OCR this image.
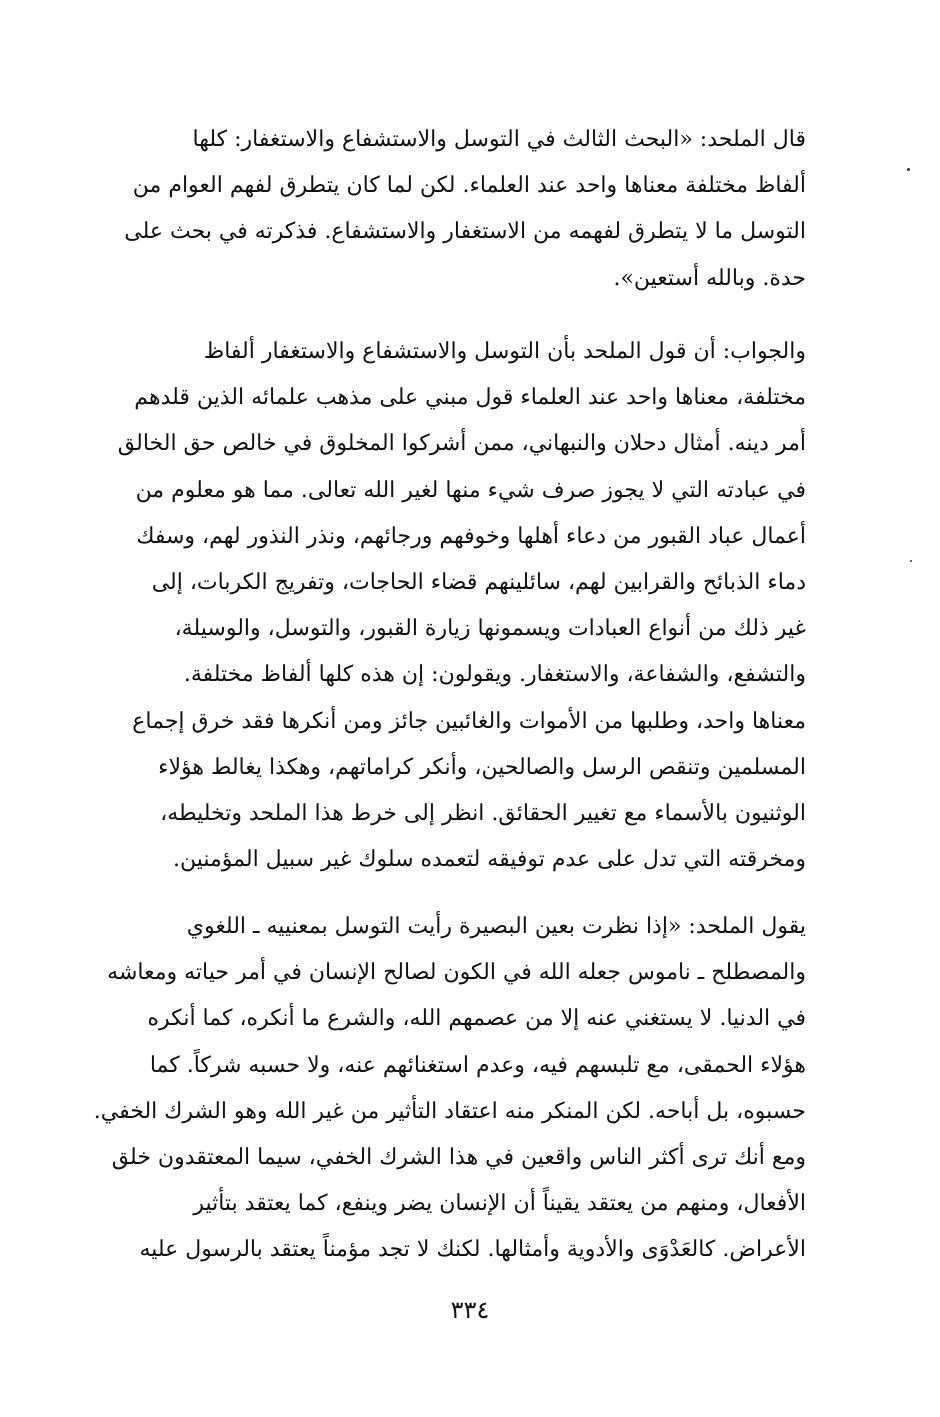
قال الملحد: «البحث الثالث في التوسل والاستشفاع والاستغفار: كلها
ألفاظ مختلفة معناها واحد عند العلماء. لكن لما كان يتطرق لفهم العوام من
التوسل ما لا يتطرق لفهمه من الاستغفار والاستشفاع. فذكرته في بحث على
حدة. وبالله أستعين».

والجواب: أن قول الملحد بأن التوسل والاستشفاع والاستغفار ألفاظ
مختلفة، معناها واحد عند العلماء قول مبني على مذهب علمائه الذين قلدهم
أمر دينه. أمثال دحلان والنبهاني، ممن أشركوا المخلوق في خالص حق الخالق
في عبادته التي لا يجوز صرف شيء منها لغير الله تعالى. مما هو معلوم من
أعمال عباد القبور من دعاء أهلها وخوفهم ورجائهم، ونذر النذور لهم، وسفك
دماء الذبائح والقرابين لهم، سائلينهم قضاء الحاجات، وتفريج الكربات، إلى
غير ذلك من أنواع العبادات ويسمونها زيارة القبور، والتوسل، والوسيلة،
والتشفع، والشفاعة، والاستغفار. ويقولون: إن هذه كلها ألفاظ مختلفة.
معناها واحد، وطلبها من الأموات والغائبين جائز ومن أنكرها فقد خرق إجماع
المسلمين وتنقص الرسل والصالحين، وأنكر كراماتهم، وهكذا يغالط هؤلاء
الوثنيون بالأسماء مع تغيير الحقائق. انظر إلى خرط هذا الملحد وتخليطه،
ومخرقته التي تدل على عدم توفيقه لتعمده سلوك غير سبيل المؤمنين.

يقول الملحد: «إذا نظرت بعين البصيرة رأيت التوسل بمعنييه ـ اللغوي
والمصطلح ـ ناموس جعله الله في الكون لصالح الإنسان في أمر حياته ومعاشه
في الدنيا. لا يستغني عنه إلا من عصمهم الله، والشرع ما أنكره، كما أنكره
هؤلاء الحمقى، مع تلبسهم فيه، وعدم استغنائهم عنه، ولا حسبه شركاً. كما
حسبوه، بل أباحه. لكن المنكر منه اعتقاد التأثير من غير الله وهو الشرك الخفي.
ومع أنك ترى أكثر الناس واقعين في هذا الشرك الخفي، سيما المعتقدون خلق
الأفعال، ومنهم من يعتقد يقيناً أن الإنسان يضر وينفع، كما يعتقد بتأثير
الأعراض. كالعَدْوَى والأدوية وأمثالها. لكنك لا تجد مؤمناً يعتقد بالرسول عليه

٣٣٤
